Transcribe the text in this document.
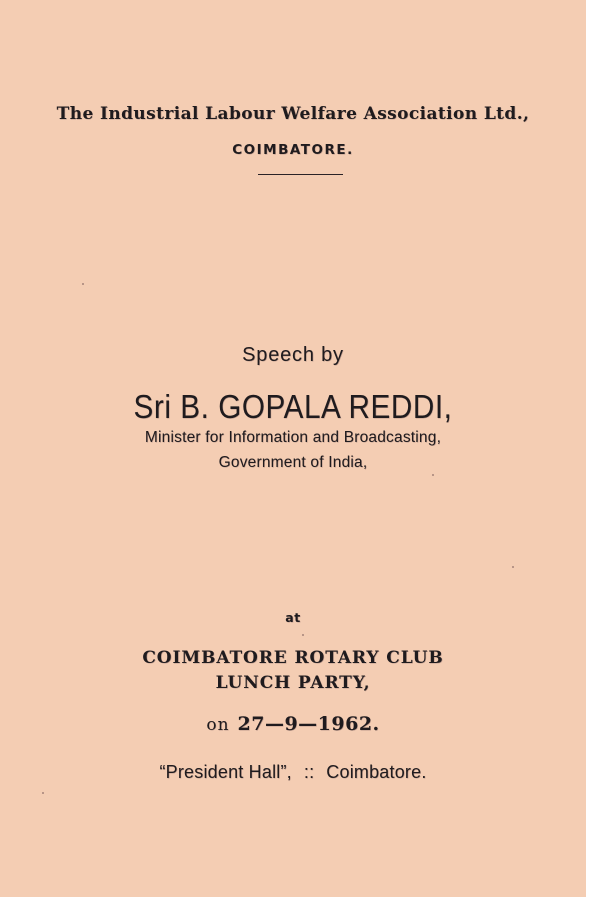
The Industrial Labour Welfare Association Ltd.,
COIMBATORE.
Speech by
Sri B. GOPALA REDDI,
Minister for Information and Broadcasting,
Government of India,
at
COIMBATORE ROTARY CLUB
LUNCH PARTY,
on 27—9—1962.
“President Hall”, :: Coimbatore.
